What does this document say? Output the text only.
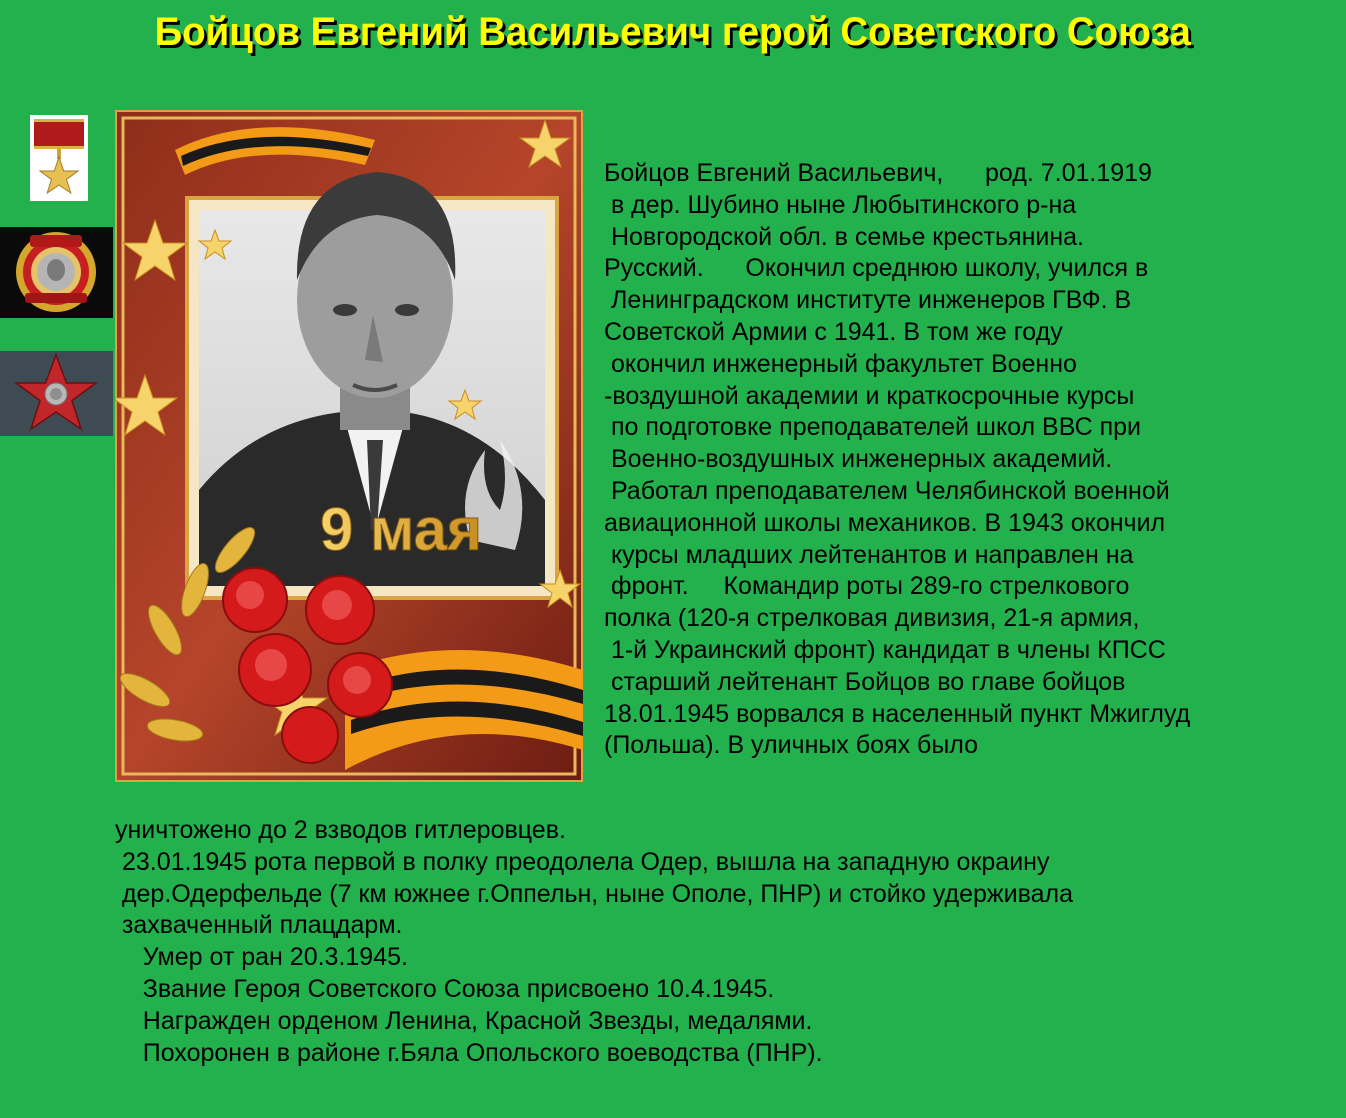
Бойцов Евгений Васильевич герой Советского Союза
9 мая
Бойцов Евгений Васильевич,      род. 7.01.1919
в дер. Шубино ныне Любытинского р-на
Новгородской обл. в семье крестьянина.
Русский.      Окончил среднюю школу, учился в
Ленинградском институте инженеров ГВФ. В
Советской Армии с 1941. В том же году
окончил инженерный факультет Военно
-воздушной академии и краткосрочные курсы
по подготовке преподавателей школ ВВС при
Военно-воздушных инженерных академий.
Работал преподавателем Челябинской военной
авиационной школы механиков. В 1943 окончил
курсы младших лейтенантов и направлен на
фронт.     Командир роты 289-го стрелкового
полка (120-я стрелковая дивизия, 21-я армия,
1-й Украинский фронт) кандидат в члены КПСС
старший лейтенант Бойцов во главе бойцов
18.01.1945 ворвался в населенный пункт Мжиглуд
(Польша). В уличных боях было
уничтожено до 2 взводов гитлеровцев.
23.01.1945 рота первой в полку преодолела Одер, вышла на западную окраину
дер.Одерфельде (7 км южнее г.Оппельн, ныне Ополе, ПНР) и стойко удерживала
захваченный плацдарм.
Умер от ран 20.3.1945.
Звание Героя Советского Союза присвоено 10.4.1945.
Награжден орденом Ленина, Красной Звезды, медалями.
Похоронен в районе г.Бяла Опольского воеводства (ПНР).
